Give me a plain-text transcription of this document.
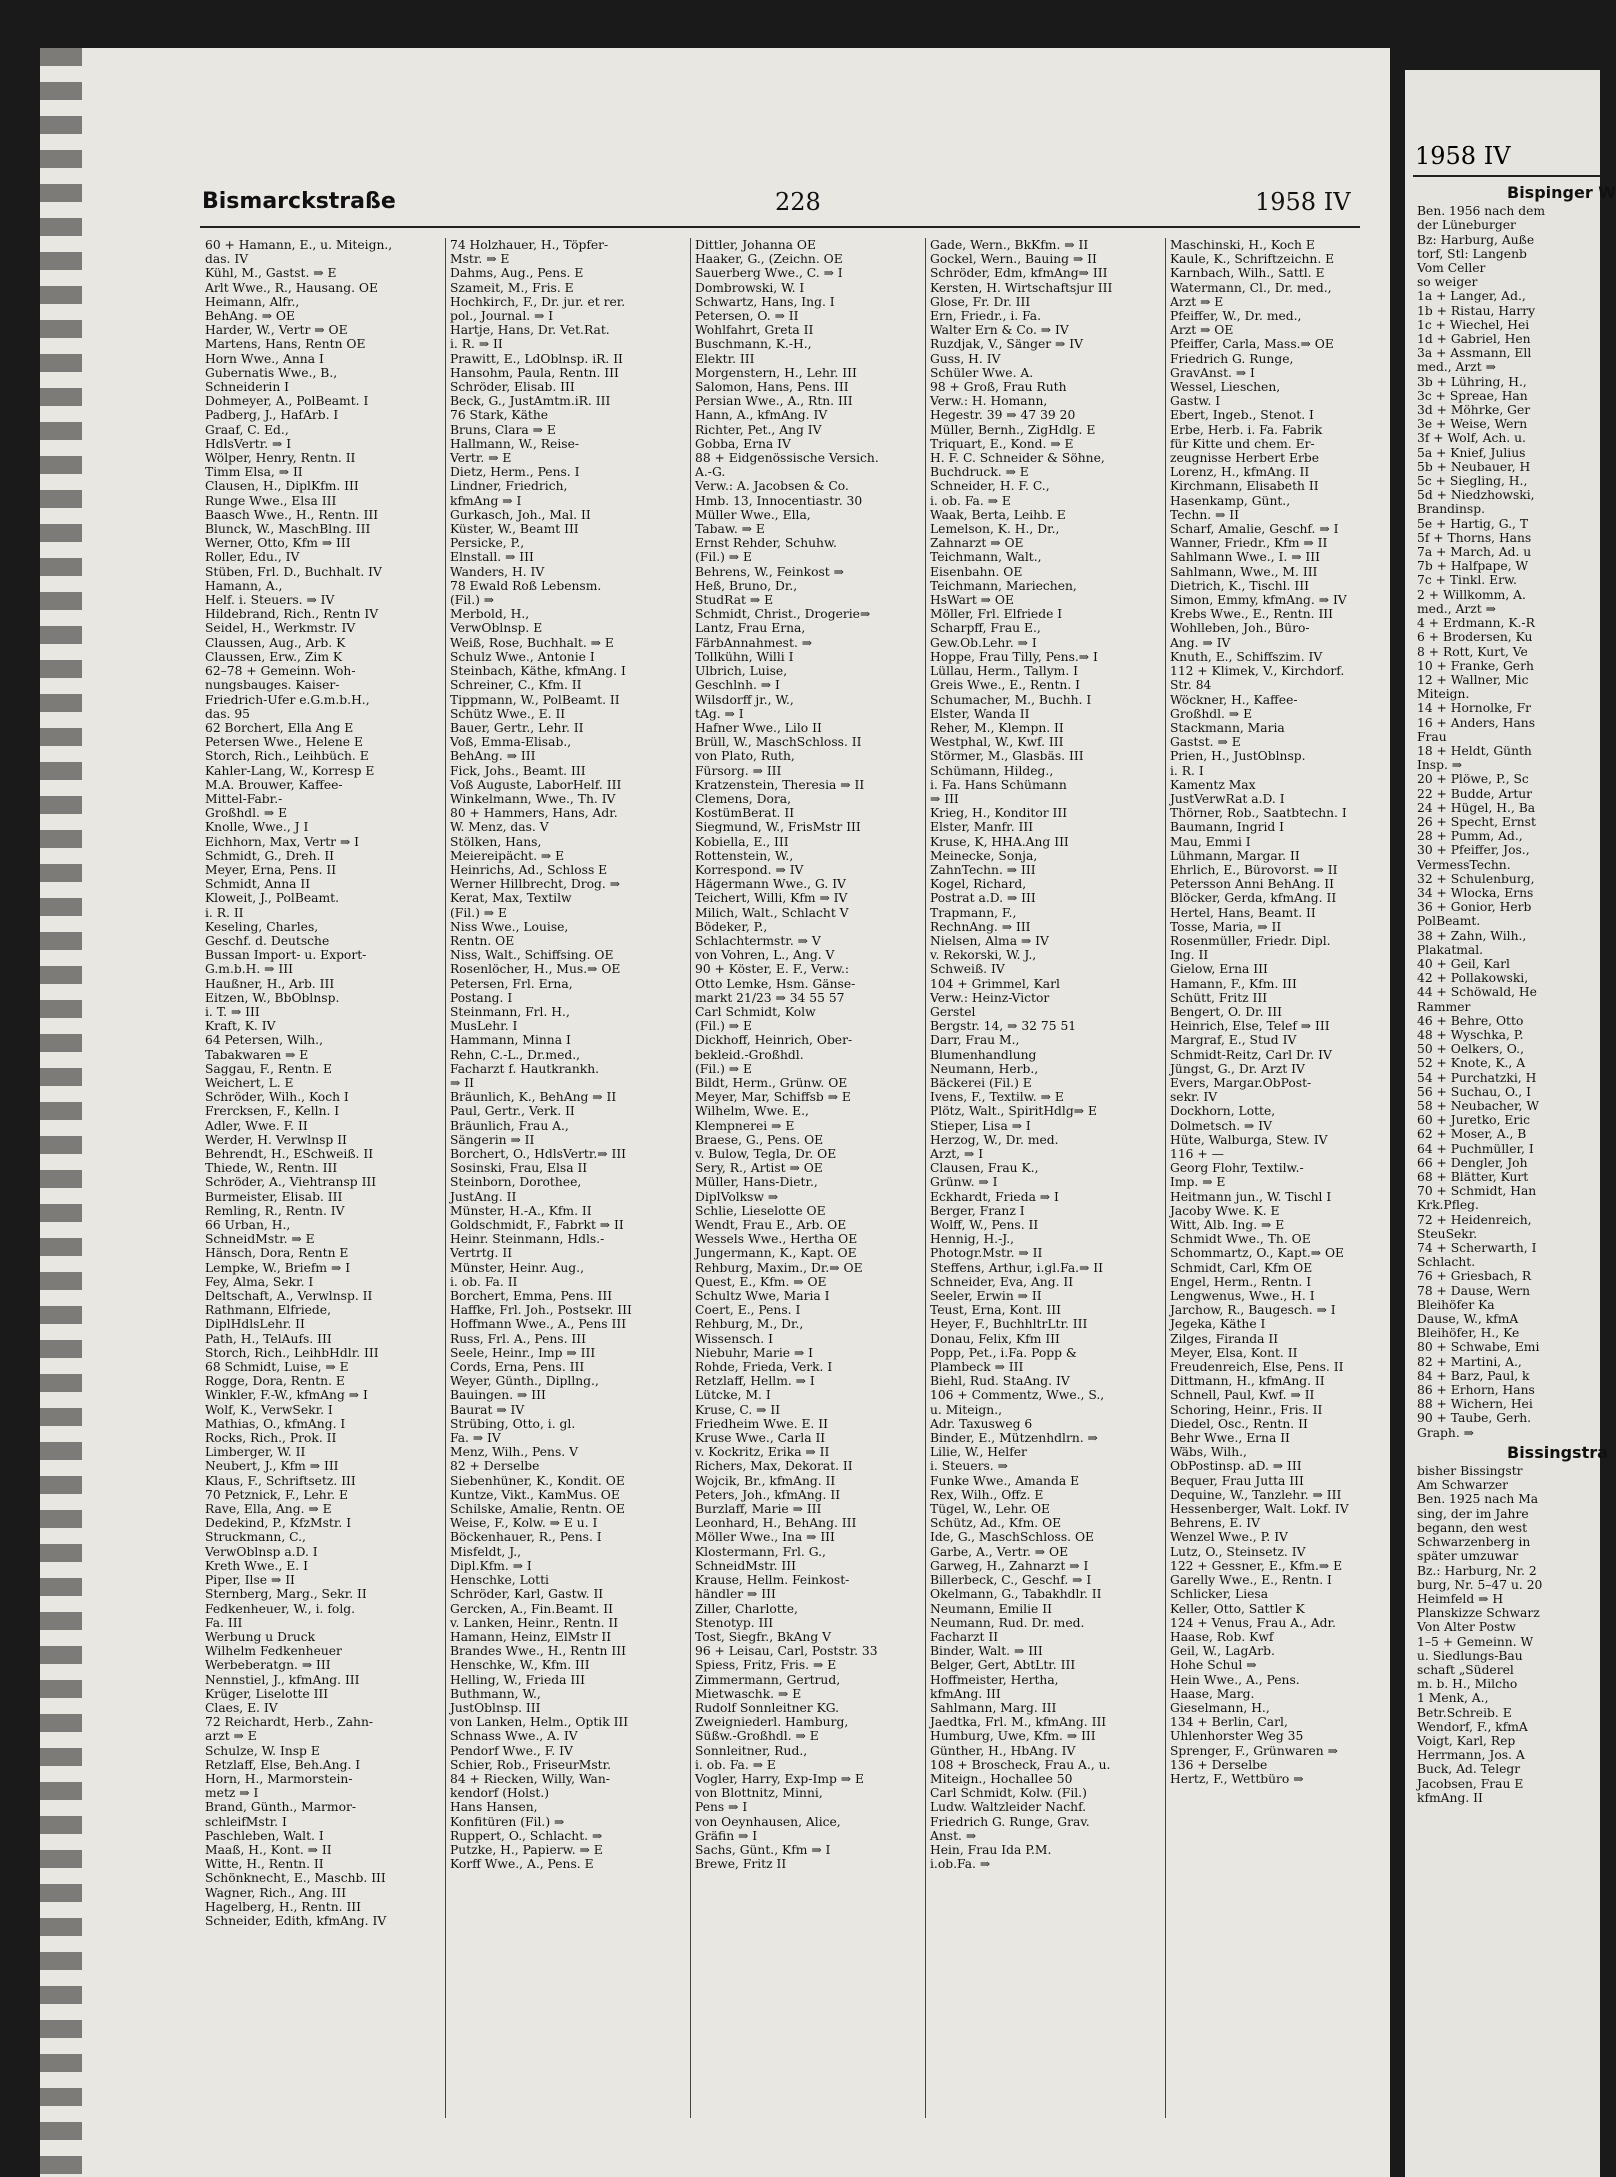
Bismarckstraße	228	1958 IV
60 + Hamann, E., u. Miteign.,
das. IV
Kühl, M., Gastst. ⇒ E
Arlt Wwe., R., Hausang. OE
Heimann, Alfr.,
BehAng. ⇒ OE
Harder, W., Vertr ⇒ OE
Martens, Hans, Rentn OE
Horn Wwe., Anna I
Gubernatis Wwe., B.,
Schneiderin I
Dohmeyer, A., PolBeamt. I
Padberg, J., HafArb. I
Graaf, C. Ed.,
HdlsVertr. ⇒ I
Wölper, Henry, Rentn. II
Timm Elsa, ⇒ II
Clausen, H., DiplKfm. III
Runge Wwe., Elsa III
Baasch Wwe., H., Rentn. III
Blunck, W., MaschBlng. III
Werner, Otto, Kfm ⇒ III
Roller, Edu., IV
Stüben, Frl. D., Buchhalt. IV
Hamann, A.,
Helf. i. Steuers. ⇒ IV
Hildebrand, Rich., Rentn IV
Seidel, H., Werkmstr. IV
Claussen, Aug., Arb. K
Claussen, Erw., Zim K
62–78 + Gemeinn. Woh-
nungsbauges. Kaiser-
Friedrich-Ufer e.G.m.b.H.,
das. 95
62 Borchert, Ella Ang E
Petersen Wwe., Helene E
Storch, Rich., Leihbüch. E
Kahler-Lang, W., Korresp E
M.A. Brouwer, Kaffee-
Mittel-Fabr.-
Großhdl. ⇒ E
Knolle, Wwe., J I
Eichhorn, Max, Vertr ⇒ I
Schmidt, G., Dreh. II
Meyer, Erna, Pens. II
Schmidt, Anna II
Kloweit, J., PolBeamt.
i. R. II
Keseling, Charles,
Geschf. d. Deutsche
Bussan Import- u. Export-
G.m.b.H. ⇒ III
Haußner, H., Arb. III
Eitzen, W., BbOblnsp.
i. T. ⇒ III
Kraft, K. IV
64 Petersen, Wilh.,
Tabakwaren ⇒ E
Saggau, F., Rentn. E
Weichert, L. E
Schröder, Wilh., Koch I
Frercksen, F., Kelln. I
Adler, Wwe. F. II
Werder, H. Verwlnsp II
Behrendt, H., ESchweiß. II
Thiede, W., Rentn. III
Schröder, A., Viehtransp III
Burmeister, Elisab. III
Remling, R., Rentn. IV
66 Urban, H.,
SchneidMstr. ⇒ E
Hänsch, Dora, Rentn E
Lempke, W., Briefm ⇒ I
Fey, Alma, Sekr. I
Deltschaft, A., Verwlnsp. II
Rathmann, Elfriede,
DiplHdlsLehr. II
Path, H., TelAufs. III
Storch, Rich., LeihbHdlr. III
68 Schmidt, Luise, ⇒ E
Rogge, Dora, Rentn. E
Winkler, F.-W., kfmAng ⇒ I
Wolf, K., VerwSekr. I
Mathias, O., kfmAng. I
Rocks, Rich., Prok. II
Limberger, W. II
Neubert, J., Kfm ⇒ III
Klaus, F., Schriftsetz. III
70 Petznick, F., Lehr. E
Rave, Ella, Ang. ⇒ E
Dedekind, P., KfzMstr. I
Struckmann, C.,
VerwOblnsp a.D. I
Kreth Wwe., E. I
Piper, Ilse ⇒ II
Sternberg, Marg., Sekr. II
Fedkenheuer, W., i. folg.
Fa. III
Werbung u Druck
Wilhelm Fedkenheuer
Werbeberatgn. ⇒ III
Nennstiel, J., kfmAng. III
Krüger, Liselotte III
Claes, E. IV
72 Reichardt, Herb., Zahn-
arzt ⇒ E
Schulze, W. Insp E
Retzlaff, Else, Beh.Ang. I
Horn, H., Marmorstein-
metz ⇒ I
Brand, Günth., Marmor-
schleifMstr. I
Paschleben, Walt. I
Maaß, H., Kont. ⇒ II
Witte, H., Rentn. II
Schönknecht, E., Maschb. III
Wagner, Rich., Ang. III
Hagelberg, H., Rentn. III
Schneider, Edith, kfmAng. IV
74 Holzhauer, H., Töpfer-
Mstr. ⇒ E
Dahms, Aug., Pens. E
Szameit, M., Fris. E
Hochkirch, F., Dr. jur. et rer.
pol., Journal. ⇒ I
Hartje, Hans, Dr. Vet.Rat.
i. R. ⇒ II
Prawitt, E., LdOblnsp. iR. II
Hansohm, Paula, Rentn. III
Schröder, Elisab. III
Beck, G., JustAmtm.iR. III
76 Stark, Käthe
Bruns, Clara ⇒ E
Hallmann, W., Reise-
Vertr. ⇒ E
Dietz, Herm., Pens. I
Lindner, Friedrich,
kfmAng ⇒ I
Gurkasch, Joh., Mal. II
Küster, W., Beamt III
Persicke, P.,
Elnstall. ⇒ III
Wanders, H. IV
78 Ewald Roß Lebensm.
(Fil.) ⇒
Merbold, H.,
VerwOblnsp. E
Weiß, Rose, Buchhalt. ⇒ E
Schulz Wwe., Antonie I
Steinbach, Käthe, kfmAng. I
Schreiner, C., Kfm. II
Tippmann, W., PolBeamt. II
Schütz Wwe., E. II
Bauer, Gertr., Lehr. II
Voß, Emma-Elisab.,
BehAng. ⇒ III
Fick, Johs., Beamt. III
Voß Auguste, LaborHelf. III
Winkelmann, Wwe., Th. IV
80 + Hammers, Hans, Adr.
W. Menz, das. V
Stölken, Hans,
Meiereipächt. ⇒ E
Heinrichs, Ad., Schloss E
Werner Hillbrecht, Drog. ⇒
Kerat, Max, Textilw
(Fil.) ⇒ E
Niss Wwe., Louise,
Rentn. OE
Niss, Walt., Schiffsing. OE
Rosenlöcher, H., Mus.⇒ OE
Petersen, Frl. Erna,
Postang. I
Steinmann, Frl. H.,
MusLehr. I
Hammann, Minna I
Rehn, C.-L., Dr.med.,
Facharzt f. Hautkrankh.
⇒ II
Bräunlich, K., BehAng ⇒ II
Paul, Gertr., Verk. II
Bräunlich, Frau A.,
Sängerin ⇒ II
Borchert, O., HdlsVertr.⇒ III
Sosinski, Frau, Elsa II
Steinborn, Dorothee,
JustAng. II
Münster, H.-A., Kfm. II
Goldschmidt, F., Fabrkt ⇒ II
Heinr. Steinmann, Hdls.-
Vertrtg. II
Münster, Heinr. Aug.,
i. ob. Fa. II
Borchert, Emma, Pens. III
Haffke, Frl. Joh., Postsekr. III
Hoffmann Wwe., A., Pens III
Russ, Frl. A., Pens. III
Seele, Heinr., Imp ⇒ III
Cords, Erna, Pens. III
Weyer, Günth., Dipllng.,
Bauingen. ⇒ III
Baurat ⇒ IV
Strübing, Otto, i. gl.
Fa. ⇒ IV
Menz, Wilh., Pens. V
82 + Derselbe
Siebenhüner, K., Kondit. OE
Kuntze, Vikt., KamMus. OE
Schilske, Amalie, Rentn. OE
Weise, F., Kolw. ⇒ E u. I
Böckenhauer, R., Pens. I
Misfeldt, J.,
Dipl.Kfm. ⇒ I
Henschke, Lotti
Schröder, Karl, Gastw. II
Gercken, A., Fin.Beamt. II
v. Lanken, Heinr., Rentn. II
Hamann, Heinz, ElMstr II
Brandes Wwe., H., Rentn III
Henschke, W., Kfm. III
Helling, W., Frieda III
Buthmann, W.,
JustOblnsp. III
von Lanken, Helm., Optik III
Schnass Wwe., A. IV
Pendorf Wwe., F. IV
Schier, Rob., FriseurMstr.
84 + Riecken, Willy, Wan-
kendorf (Holst.)
Hans Hansen,
Konfitüren (Fil.) ⇒
Ruppert, O., Schlacht. ⇒
Putzke, H., Papierw. ⇒ E
Korff Wwe., A., Pens. E
Dittler, Johanna OE
Haaker, G., (Zeichn. OE
Sauerberg Wwe., C. ⇒ I
Dombrowski, W. I
Schwartz, Hans, Ing. I
Petersen, O. ⇒ II
Wohlfahrt, Greta II
Buschmann, K.-H.,
Elektr. III
Morgenstern, H., Lehr. III
Salomon, Hans, Pens. III
Persian Wwe., A., Rtn. III
Hann, A., kfmAng. IV
Richter, Pet., Ang IV
Gobba, Erna IV
88 + Eidgenössische Versich.
A.-G.
Verw.: A. Jacobsen & Co.
Hmb. 13, Innocentiastr. 30
Müller Wwe., Ella,
Tabaw. ⇒ E
Ernst Rehder, Schuhw.
(Fil.) ⇒ E
Behrens, W., Feinkost ⇒
Heß, Bruno, Dr.,
StudRat ⇒ E
Schmidt, Christ., Drogerie⇒
Lantz, Frau Erna,
FärbAnnahmest. ⇒
Tollkühn, Willi I
Ulbrich, Luise,
Geschlnh. ⇒ I
Wilsdorff jr., W.,
tAg. ⇒ I
Hafner Wwe., Lilo II
Brüll, W., MaschSchloss. II
von Plato, Ruth,
Fürsorg. ⇒ III
Kratzenstein, Theresia ⇒ II
Clemens, Dora,
KostümBerat. II
Siegmund, W., FrisMstr III
Kobiella, E., III
Rottenstein, W.,
Korrespond. ⇒ IV
Hägermann Wwe., G. IV
Teichert, Willi, Kfm ⇒ IV
Milich, Walt., Schlacht V
Bödeker, P.,
Schlachtermstr. ⇒ V
von Vohren, L., Ang. V
90 + Köster, E. F., Verw.:
Otto Lemke, Hsm. Gänse-
markt 21/23 ⇒ 34 55 57
Carl Schmidt, Kolw
(Fil.) ⇒ E
Dickhoff, Heinrich, Ober-
bekleid.-Großhdl.
(Fil.) ⇒ E
Bildt, Herm., Grünw. OE
Meyer, Mar, Schiffsb ⇒ E
Wilhelm, Wwe. E.,
Klempnerei ⇒ E
Braese, G., Pens. OE
v. Bulow, Tegla, Dr. OE
Sery, R., Artist ⇒ OE
Müller, Hans-Dietr.,
DiplVolksw ⇒
Schlie, Lieselotte OE
Wendt, Frau E., Arb. OE
Wessels Wwe., Hertha OE
Jungermann, K., Kapt. OE
Rehburg, Maxim., Dr.⇒ OE
Quest, E., Kfm. ⇒ OE
Schultz Wwe, Maria I
Coert, E., Pens. I
Rehburg, M., Dr.,
Wissensch. I
Niebuhr, Marie ⇒ I
Rohde, Frieda, Verk. I
Retzlaff, Hellm. ⇒ I
Lütcke, M. I
Kruse, C. ⇒ II
Friedheim Wwe. E. II
Kruse Wwe., Carla II
v. Kockritz, Erika ⇒ II
Richers, Max, Dekorat. II
Wojcik, Br., kfmAng. II
Peters, Joh., kfmAng. II
Burzlaff, Marie ⇒ III
Leonhard, H., BehAng. III
Möller Wwe., Ina ⇒ III
Klostermann, Frl. G.,
SchneidMstr. III
Krause, Hellm. Feinkost-
händler ⇒ III
Ziller, Charlotte,
Stenotyp. III
Tost, Siegfr., BkAng V
96 + Leisau, Carl, Poststr. 33
Spiess, Fritz, Fris. ⇒ E
Zimmermann, Gertrud,
Mietwaschk. ⇒ E
Rudolf Sonnleitner KG.
Zweigniederl. Hamburg,
Süßw.-Großhdl. ⇒ E
Sonnleitner, Rud.,
i. ob. Fa. ⇒ E
Vogler, Harry, Exp-Imp ⇒ E
von Blottnitz, Minni,
Pens ⇒ I
von Oeynhausen, Alice,
Gräfin ⇒ I
Sachs, Günt., Kfm ⇒ I
Brewe, Fritz II
Gade, Wern., BkKfm. ⇒ II
Gockel, Wern., Bauing ⇒ II
Schröder, Edm, kfmAng⇒ III
Kersten, H. Wirtschaftsjur III
Glose, Fr. Dr. III
Ern, Friedr., i. Fa.
Walter Ern & Co. ⇒ IV
Ruzdjak, V., Sänger ⇒ IV
Guss, H. IV
Schüler Wwe. A.
98 + Groß, Frau Ruth
Verw.: H. Homann,
Hegestr. 39 ⇒ 47 39 20
Müller, Bernh., ZigHdlg. E
Triquart, E., Kond. ⇒ E
H. F. C. Schneider & Söhne,
Buchdruck. ⇒ E
Schneider, H. F. C.,
i. ob. Fa. ⇒ E
Waak, Berta, Leihb. E
Lemelson, K. H., Dr.,
Zahnarzt ⇒ OE
Teichmann, Walt.,
Eisenbahn. OE
Teichmann, Mariechen,
HsWart ⇒ OE
Möller, Frl. Elfriede I
Scharpff, Frau E.,
Gew.Ob.Lehr. ⇒ I
Hoppe, Frau Tilly, Pens.⇒ I
Lüllau, Herm., Tallym. I
Greis Wwe., E., Rentn. I
Schumacher, M., Buchh. I
Elster, Wanda II
Reher, M., Klempn. II
Westphal, W., Kwf. III
Störmer, M., Glasbäs. III
Schümann, Hildeg.,
i. Fa. Hans Schümann
⇒ III
Krieg, H., Konditor III
Elster, Manfr. III
Kruse, K, HHA.Ang III
Meinecke, Sonja,
ZahnTechn. ⇒ III
Kogel, Richard,
Postrat a.D. ⇒ III
Trapmann, F.,
RechnAng. ⇒ III
Nielsen, Alma ⇒ IV
v. Rekorski, W. J.,
Schweiß. IV
104 + Grimmel, Karl
Verw.: Heinz-Victor
Gerstel
Bergstr. 14, ⇒ 32 75 51
Darr, Frau M.,
Blumenhandlung
Neumann, Herb.,
Bäckerei (Fil.) E
Ivens, F., Textilw. ⇒ E
Plötz, Walt., SpiritHdlg⇒ E
Stieper, Lisa ⇒ I
Herzog, W., Dr. med.
Arzt, ⇒ I
Clausen, Frau K.,
Grünw. ⇒ I
Eckhardt, Frieda ⇒ I
Berger, Franz I
Wolff, W., Pens. II
Hennig, H.-J.,
Photogr.Mstr. ⇒ II
Steffens, Arthur, i.gl.Fa.⇒ II
Schneider, Eva, Ang. II
Seeler, Erwin ⇒ II
Teust, Erna, Kont. III
Heyer, F., BuchhltrLtr. III
Donau, Felix, Kfm III
Popp, Pet., i.Fa. Popp &
Plambeck ⇒ III
Biehl, Rud. StaAng. IV
106 + Commentz, Wwe., S.,
u. Miteign.,
Adr. Taxusweg 6
Binder, E., Mützenhdlrn. ⇒
Lilie, W., Helfer
i. Steuers. ⇒
Funke Wwe., Amanda E
Rex, Wilh., Offz. E
Tügel, W., Lehr. OE
Schütz, Ad., Kfm. OE
Ide, G., MaschSchloss. OE
Garbe, A., Vertr. ⇒ OE
Garweg, H., Zahnarzt ⇒ I
Billerbeck, C., Geschf. ⇒ I
Okelmann, G., Tabakhdlr. II
Neumann, Emilie II
Neumann, Rud. Dr. med.
Facharzt II
Binder, Walt. ⇒ III
Belger, Gert, AbtLtr. III
Hoffmeister, Hertha,
kfmAng. III
Sahlmann, Marg. III
Jaedtka, Frl. M., kfmAng. III
Humburg, Uwe, Kfm. ⇒ III
Günther, H., HbAng. IV
108 + Broscheck, Frau A., u.
Miteign., Hochallee 50
Carl Schmidt, Kolw. (Fil.)
Ludw. Waltzleider Nachf.
Friedrich G. Runge, Grav.
Anst. ⇒
Hein, Frau Ida P.M.
i.ob.Fa. ⇒
Maschinski, H., Koch E
Kaule, K., Schriftzeichn. E
Karnbach, Wilh., Sattl. E
Watermann, Cl., Dr. med.,
Arzt ⇒ E
Pfeiffer, W., Dr. med.,
Arzt ⇒ OE
Pfeiffer, Carla, Mass.⇒ OE
Friedrich G. Runge,
GravAnst. ⇒ I
Wessel, Lieschen,
Gastw. I
Ebert, Ingeb., Stenot. I
Erbe, Herb. i. Fa. Fabrik
für Kitte und chem. Er-
zeugnisse Herbert Erbe
Lorenz, H., kfmAng. II
Kirchmann, Elisabeth II
Hasenkamp, Günt.,
Techn. ⇒ II
Scharf, Amalie, Geschf. ⇒ I
Wanner, Friedr., Kfm ⇒ II
Sahlmann Wwe., I. ⇒ III
Sahlmann, Wwe., M. III
Dietrich, K., Tischl. III
Simon, Emmy, kfmAng. ⇒ IV
Krebs Wwe., E., Rentn. III
Wohlleben, Joh., Büro-
Ang. ⇒ IV
Knuth, E., Schiffszim. IV
112 + Klimek, V., Kirchdorf.
Str. 84
Wöckner, H., Kaffee-
Großhdl. ⇒ E
Stackmann, Maria
Gastst. ⇒ E
Prien, H., JustOblnsp.
i. R. I
Kamentz Max
JustVerwRat a.D. I
Thörner, Rob., Saatbtechn. I
Baumann, Ingrid I
Mau, Emmi I
Lühmann, Margar. II
Ehrlich, E., Bürovorst. ⇒ II
Petersson Anni BehAng. II
Blöcker, Gerda, kfmAng. II
Hertel, Hans, Beamt. II
Tosse, Maria, ⇒ II
Rosenmüller, Friedr. Dipl.
Ing. II
Gielow, Erna III
Hamann, F., Kfm. III
Schütt, Fritz III
Bengert, O. Dr. III
Heinrich, Else, Telef ⇒ III
Margraf, E., Stud IV
Schmidt-Reitz, Carl Dr. IV
Jüngst, G., Dr. Arzt IV
Evers, Margar.ObPost-
sekr. IV
Dockhorn, Lotte,
Dolmetsch. ⇒ IV
Hüte, Walburga, Stew. IV
116 + —
Georg Flohr, Textilw.-
Imp. ⇒ E
Heitmann jun., W. Tischl I
Jacoby Wwe. K. E
Witt, Alb. Ing. ⇒ E
Schmidt Wwe., Th. OE
Schommartz, O., Kapt.⇒ OE
Schmidt, Carl, Kfm OE
Engel, Herm., Rentn. I
Lengwenus, Wwe., H. I
Jarchow, R., Baugesch. ⇒ I
Jegeka, Käthe I
Zilges, Firanda II
Meyer, Elsa, Kont. II
Freudenreich, Else, Pens. II
Dittmann, H., kfmAng. II
Schnell, Paul, Kwf. ⇒ II
Schoring, Heinr., Fris. II
Diedel, Osc., Rentn. II
Behr Wwe., Erna II
Wäbs, Wilh.,
ObPostinsp. aD. ⇒ III
Bequer, Frau Jutta III
Dequine, W., Tanzlehr. ⇒ III
Hessenberger, Walt. Lokf. IV
Behrens, E. IV
Wenzel Wwe., P. IV
Lutz, O., Steinsetz. IV
122 + Gessner, E., Kfm.⇒ E
Garelly Wwe., E., Rentn. I
Schlicker, Liesa
Keller, Otto, Sattler K
124 + Venus, Frau A., Adr.
Haase, Rob. Kwf
Geil, W., LagArb.
Hohe Schul ⇒
Hein Wwe., A., Pens.
Haase, Marg.
Gieselmann, H.,
134 + Berlin, Carl,
Uhlenhorster Weg 35
Sprenger, F., Grünwaren ⇒
136 + Derselbe
Hertz, F., Wettbüro ⇒
1958 IV
Bispinger W
Ben. 1956 nach dem
der Lüneburger
Bz: Harburg, Auße
torf, Stl: Langenb
Vom Celler
so weiger
1a + Langer, Ad.,
1b + Ristau, Harry
1c + Wiechel, Hei
1d + Gabriel, Hen
3a + Assmann, Ell
med., Arzt ⇒
3b + Lühring, H.,
3c + Spreae, Han
3d + Möhrke, Ger
3e + Weise, Wern
3f + Wolf, Ach. u.
5a + Knief, Julius
5b + Neubauer, H
5c + Siegling, H.,
5d + Niedzhowski,
Brandinsp.
5e + Hartig, G., T
5f + Thorns, Hans
7a + March, Ad. u
7b + Halfpape, W
7c + Tinkl. Erw.
2 + Willkomm, A.
med., Arzt ⇒
4 + Erdmann, K.-R
6 + Brodersen, Ku
8 + Rott, Kurt, Ve
10 + Franke, Gerh
12 + Wallner, Mic
Miteign.
14 + Hornolke, Fr
16 + Anders, Hans
Frau
18 + Heldt, Günth
Insp. ⇒
20 + Plöwe, P., Sc
22 + Budde, Artur
24 + Hügel, H., Ba
26 + Specht, Ernst
28 + Pumm, Ad.,
30 + Pfeiffer, Jos.,
VermessTechn.
32 + Schulenburg,
34 + Wlocka, Erns
36 + Gonior, Herb
PolBeamt.
38 + Zahn, Wilh.,
Plakatmal.
40 + Geil, Karl
42 + Pollakowski,
44 + Schöwald, He
Rammer
46 + Behre, Otto
48 + Wyschka, P.
50 + Oelkers, O.,
52 + Knote, K., A
54 + Purchatzki, H
56 + Suchau, O., I
58 + Neubacher, W
60 + Juretko, Eric
62 + Moser, A., B
64 + Puchmüller, I
66 + Dengler, Joh
68 + Blätter, Kurt
70 + Schmidt, Han
Krk.Pfleg.
72 + Heidenreich,
SteuSekr.
74 + Scherwarth, I
Schlacht.
76 + Griesbach, R
78 + Dause, Wern
Bleihöfer Ka
Dause, W., kfmA
Bleihöfer, H., Ke
80 + Schwabe, Emi
82 + Martini, A.,
84 + Barz, Paul, k
86 + Erhorn, Hans
88 + Wichern, Hei
90 + Taube, Gerh.
Graph. ⇒
Bissingstra
bisher Bissingstr
Am Schwarzer
Ben. 1925 nach Ma
sing, der im Jahre
begann, den west
Schwarzenberg in
später umzuwar
Bz.: Harburg, Nr. 2
burg, Nr. 5–47 u. 20
Heimfeld ⇒ H
Planskizze Schwarz
Von Alter Postw
1–5 + Gemeinn. W
u. Siedlungs-Bau
schaft „Süderel
m. b. H., Milcho
1 Menk, A.,
Betr.Schreib. E
Wendorf, F., kfmA
Voigt, Karl, Rep
Herrmann, Jos. A
Buck, Ad. Telegr
Jacobsen, Frau E
kfmAng. II
